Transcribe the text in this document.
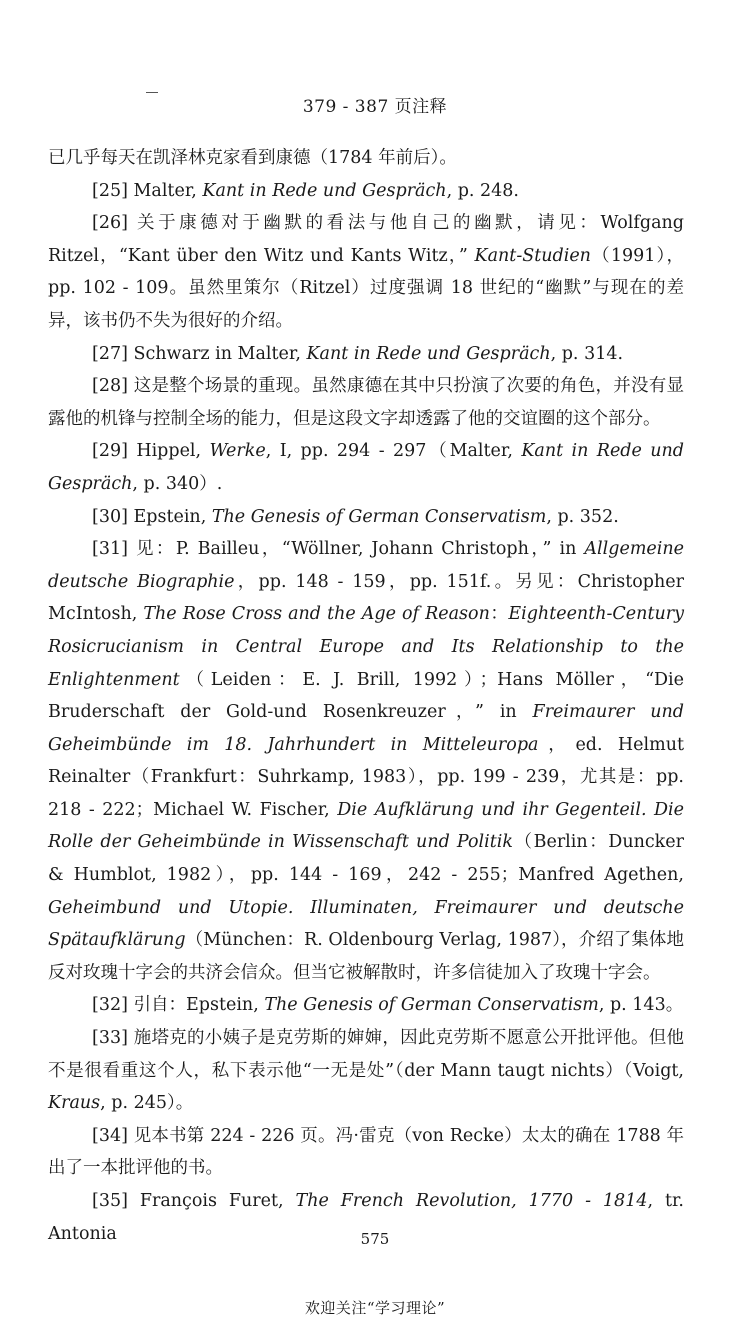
379 - 387 页注释

已几乎每天在凯泽林克家看到康德（1784 年前后）。

[25] Malter, Kant in Rede und Gespräch, p. 248.

[26] 关于康德对于幽默的看法与他自己的幽默，请见：Wolfgang Ritzel，“Kant über den Witz und Kants Witz，” Kant-Studien（1991），pp. 102 - 109。虽然里策尔（Ritzel）过度强调 18 世纪的“幽默”与现在的差异，该书仍不失为很好的介绍。

[27] Schwarz in Malter, Kant in Rede und Gespräch, p. 314.

[28] 这是整个场景的重现。虽然康德在其中只扮演了次要的角色，并没有显露他的机锋与控制全场的能力，但是这段文字却透露了他的交谊圈的这个部分。

[29] Hippel, Werke, I, pp. 294 - 297（Malter, Kant in Rede und Gespräch, p. 340）.

[30] Epstein, The Genesis of German Conservatism, p. 352.

[31] 见：P. Bailleu，“Wöllner, Johann Christoph，” in Allgemeine deutsche Biographie，pp. 148 - 159，pp. 151f.。另见：Christopher McIntosh, The Rose Cross and the Age of Reason：Eighteenth-Century Rosicrucianism in Central Europe and Its Relationship to the Enlightenment（Leiden：E. J. Brill, 1992）；Hans Möller，“Die Bruderschaft der Gold-und Rosenkreuzer，” in Freimaurer und Geheimbünde im 18. Jahrhundert in Mitteleuropa，ed. Helmut Reinalter（Frankfurt：Suhrkamp, 1983），pp. 199 - 239，尤其是：pp. 218 - 222；Michael W. Fischer, Die Aufklärung und ihr Gegenteil. Die Rolle der Geheimbünde in Wissenschaft und Politik（Berlin：Duncker & Humblot, 1982），pp. 144 - 169，242 - 255；Manfred Agethen, Geheimbund und Utopie. Illuminaten, Freimaurer und deutsche Spätaufklärung（München：R. Oldenbourg Verlag, 1987），介绍了集体地反对玫瑰十字会的共济会信众。但当它被解散时，许多信徒加入了玫瑰十字会。

[32] 引自：Epstein, The Genesis of German Conservatism, p. 143。

[33] 施塔克的小姨子是克劳斯的婶婶，因此克劳斯不愿意公开批评他。但他不是很看重这个人，私下表示他“一无是处”（der Mann taugt nichts）（Voigt, Kraus, p. 245）。

[34] 见本书第 224 - 226 页。冯·雷克（von Recke）太太的确在 1788 年出了一本批评他的书。

[35] François Furet, The French Revolution, 1770 - 1814, tr. Antonia	575
欢迎关注“学习理论”
